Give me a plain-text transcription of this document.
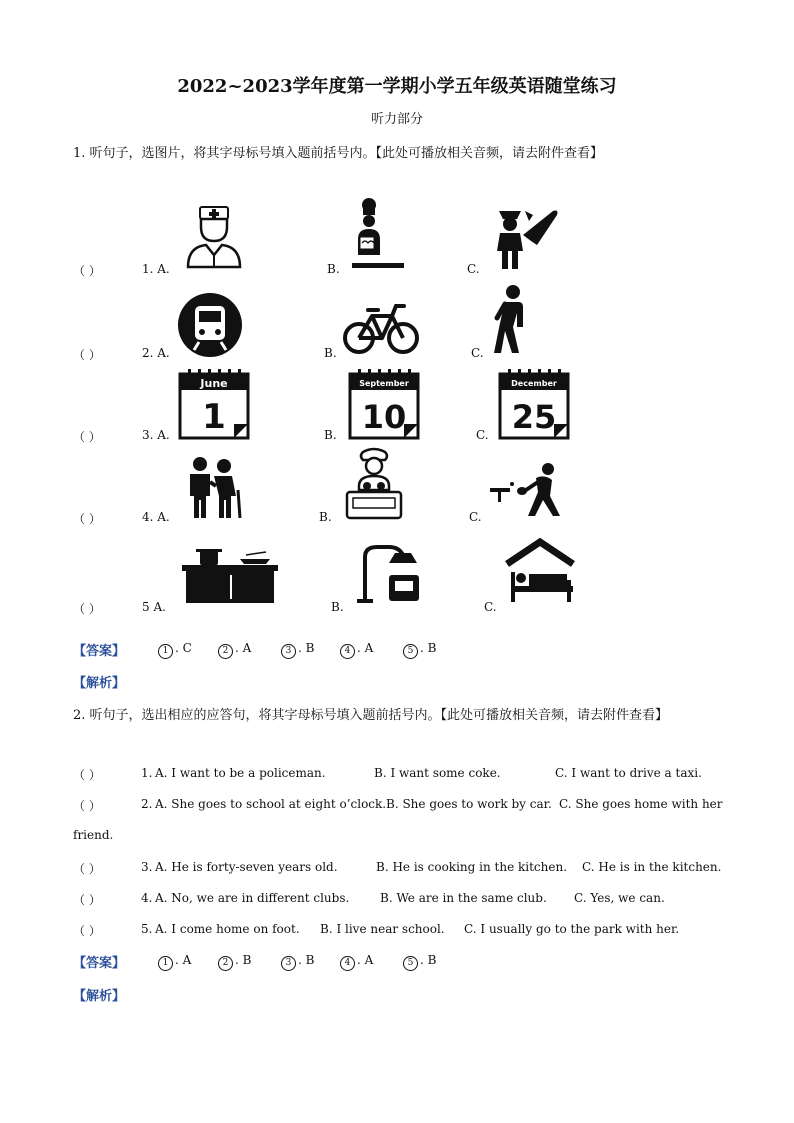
2022~2023学年度第一学期小学五年级英语随堂练习
听力部分
1. 听句子，选图片，将其字母标号填入题前括号内。【此处可播放相关音频，请去附件查看】
（ ）	1. A.	B.	C.
（ ）	2. A.	B.	C.
（ ）	3. A.	B.	C.
（ ）	4. A.	B.	C.
（ ）	5 A.	B.	C.
June
1
September
10
December
25
【答案】	1 . C	2 . A	3 . B	4 . A	5 . B
【解析】
2. 听句子，选出相应的应答句，将其字母标号填入题前括号内。【此处可播放相关音频，请去附件查看】
（ ）	1. A. I want to be a policeman.	B. I want some coke.	C. I want to drive a taxi.
（ ）	2. A. She goes to school at eight o’clock. B. She goes to work by car. C. She goes home with her
friend.
（ ）	3. A. He is forty-seven years old.	B. He is cooking in the kitchen. C. He is in the kitchen.
（ ）	4. A. No, we are in different clubs.	B. We are in the same club. C. Yes, we can.
（ ）	5. A. I come home on foot. B. I live near school. C. I usually go to the park with her.
【答案】	1 . A	2 . B	3 . B	4 . A	5 . B
【解析】
